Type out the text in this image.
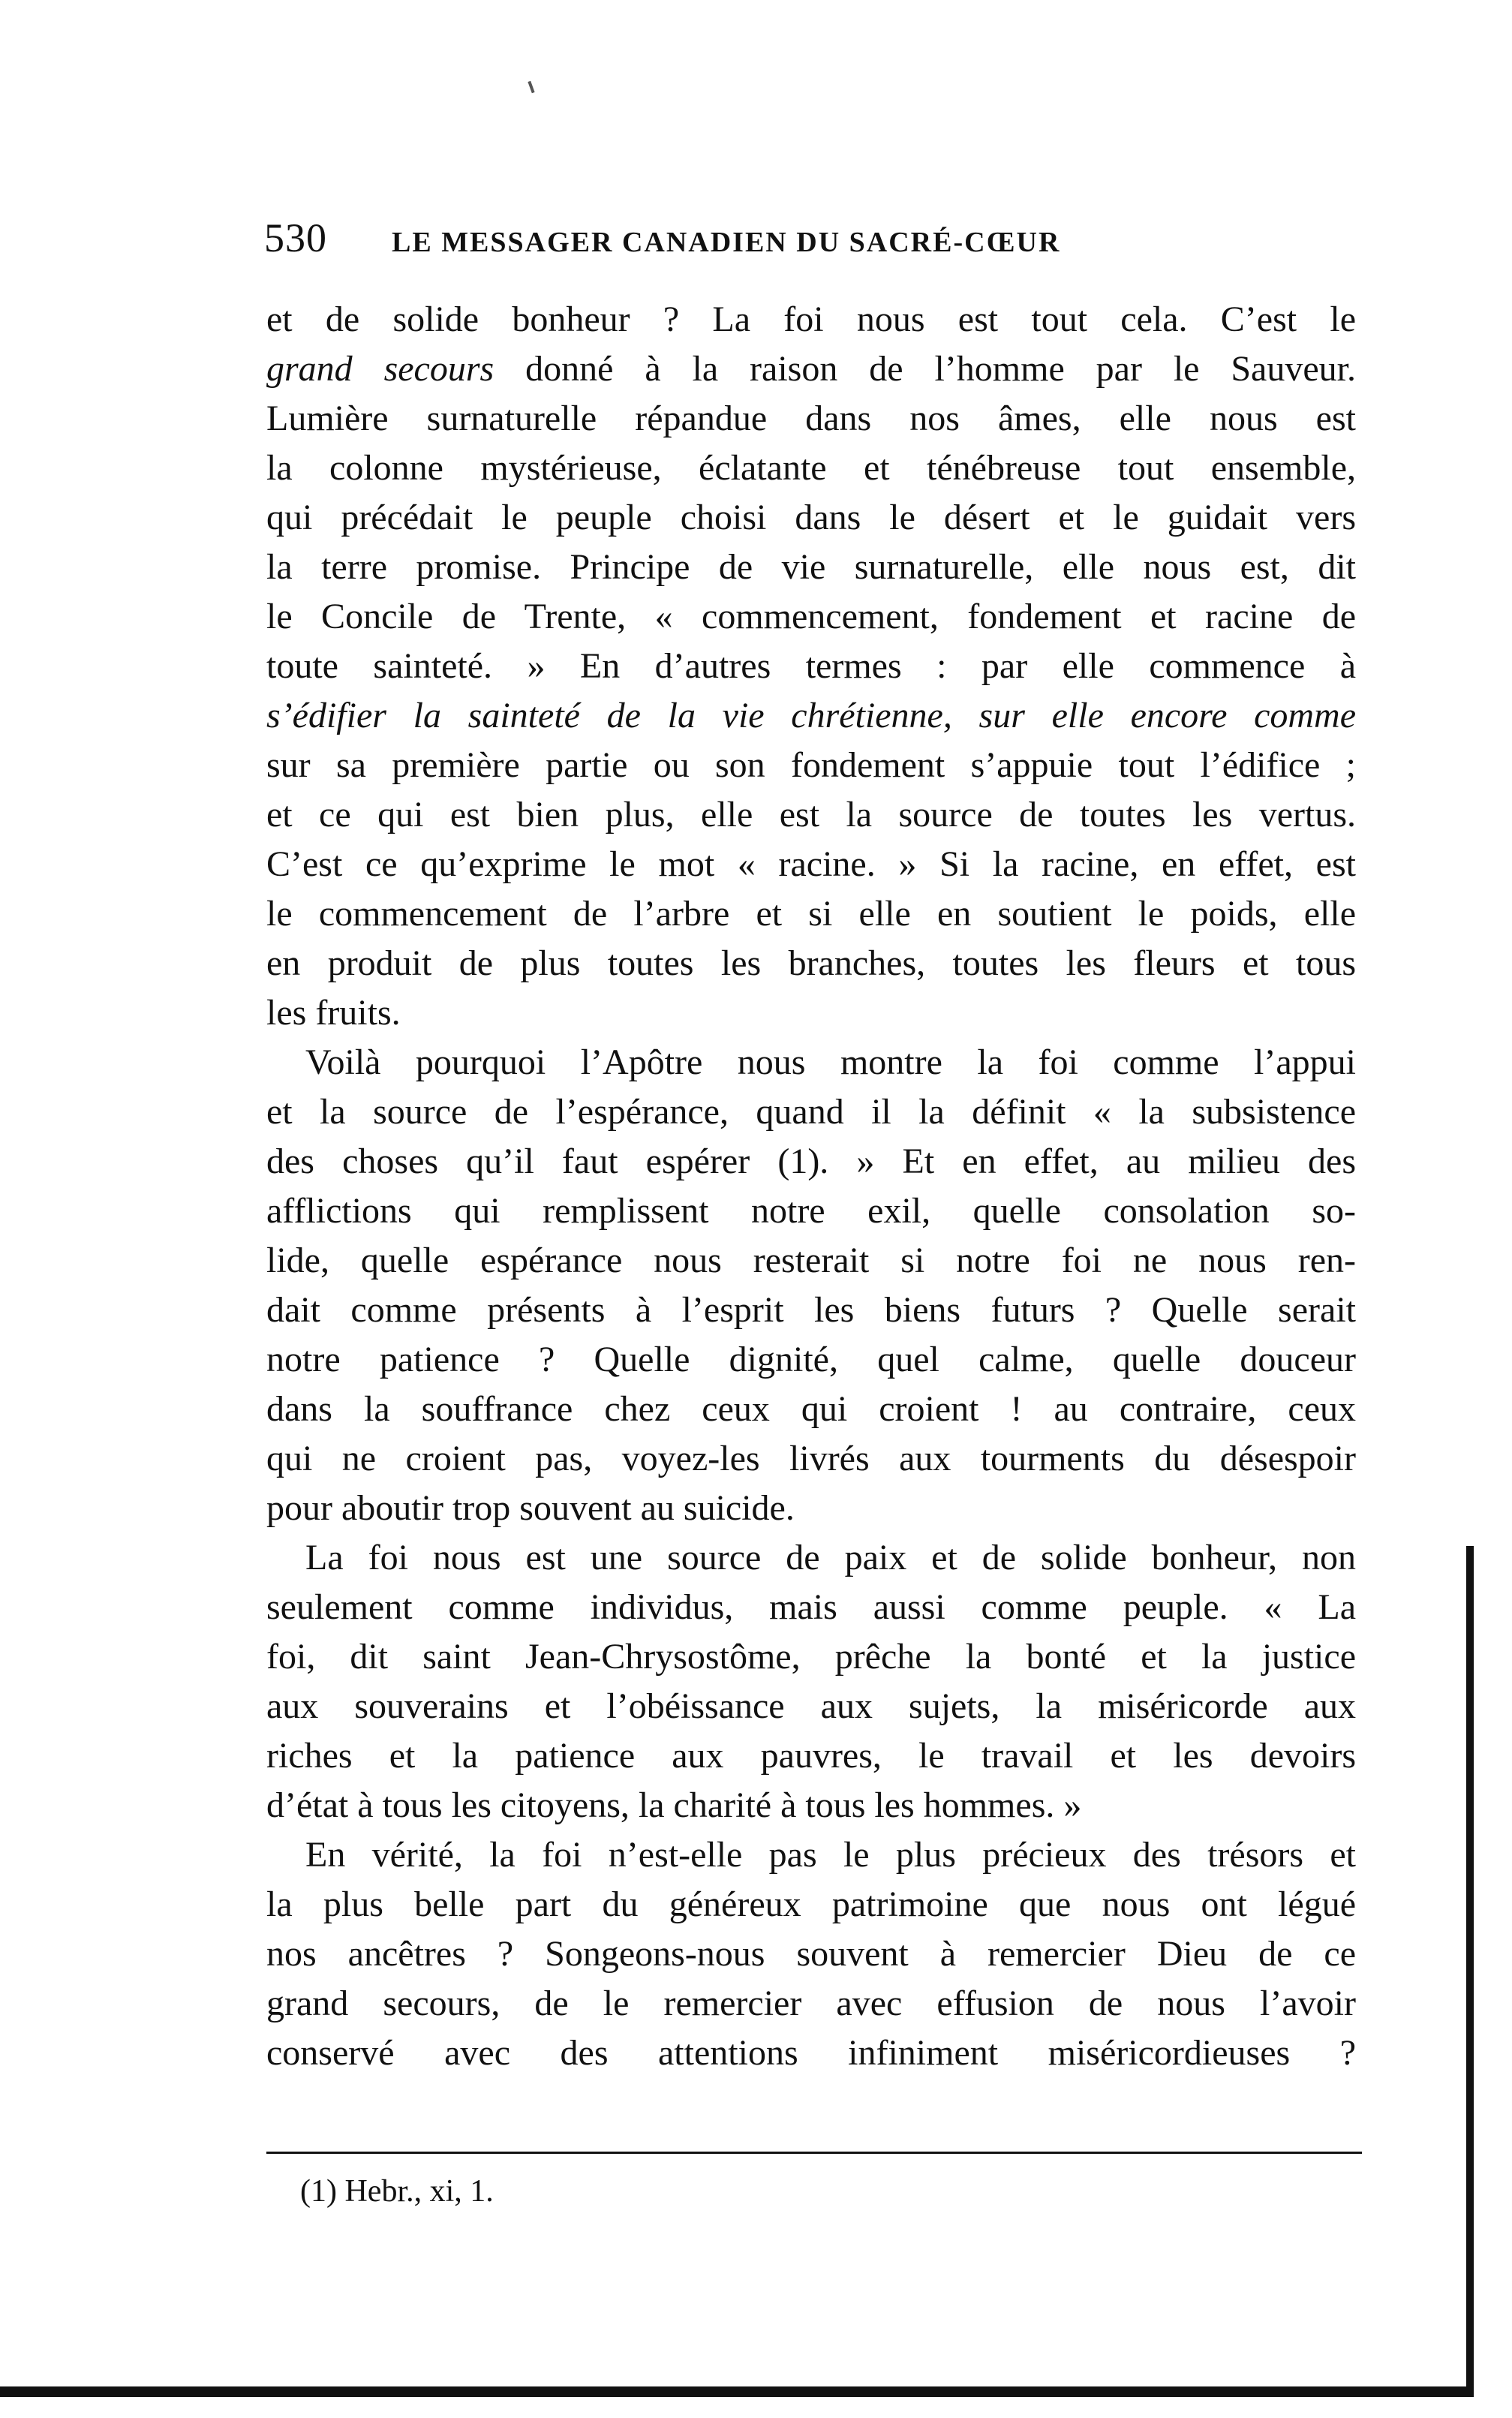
530 LE MESSAGER CANADIEN DU SACRÉ-CŒUR
et de solide bonheur ? La foi nous est tout cela. C’est le
grand secours donné à la raison de l’homme par le Sauveur.
Lumière surnaturelle répandue dans nos âmes, elle nous est
la colonne mystérieuse, éclatante et ténébreuse tout ensemble,
qui précédait le peuple choisi dans le désert et le guidait vers
la terre promise. Principe de vie surnaturelle, elle nous est, dit
le Concile de Trente, « commencement, fondement et racine de
toute sainteté. » En d’autres termes : par elle commence à
s’édifier la sainteté de la vie chrétienne, sur elle encore comme
sur sa première partie ou son fondement s’appuie tout l’édifice ;
et ce qui est bien plus, elle est la source de toutes les vertus.
C’est ce qu’exprime le mot « racine. » Si la racine, en effet, est
le commencement de l’arbre et si elle en soutient le poids, elle
en produit de plus toutes les branches, toutes les fleurs et tous
les fruits.
Voilà pourquoi l’Apôtre nous montre la foi comme l’appui
et la source de l’espérance, quand il la définit « la subsistence
des choses qu’il faut espérer (1). » Et en effet, au milieu des
afflictions qui remplissent notre exil, quelle consolation so-
lide, quelle espérance nous resterait si notre foi ne nous ren-
dait comme présents à l’esprit les biens futurs ? Quelle serait
notre patience ? Quelle dignité, quel calme, quelle douceur
dans la souffrance chez ceux qui croient ! au contraire, ceux
qui ne croient pas, voyez-les livrés aux tourments du désespoir
pour aboutir trop souvent au suicide.
La foi nous est une source de paix et de solide bonheur, non
seulement comme individus, mais aussi comme peuple. « La
foi, dit saint Jean-Chrysostôme, prêche la bonté et la justice
aux souverains et l’obéissance aux sujets, la miséricorde aux
riches et la patience aux pauvres, le travail et les devoirs
d’état à tous les citoyens, la charité à tous les hommes. »
En vérité, la foi n’est-elle pas le plus précieux des trésors et
la plus belle part du généreux patrimoine que nous ont légué
nos ancêtres ? Songeons-nous souvent à remercier Dieu de ce
grand secours, de le remercier avec effusion de nous l’avoir
conservé avec des attentions infiniment miséricordieuses ?
(1) Hebr., xi, 1.
